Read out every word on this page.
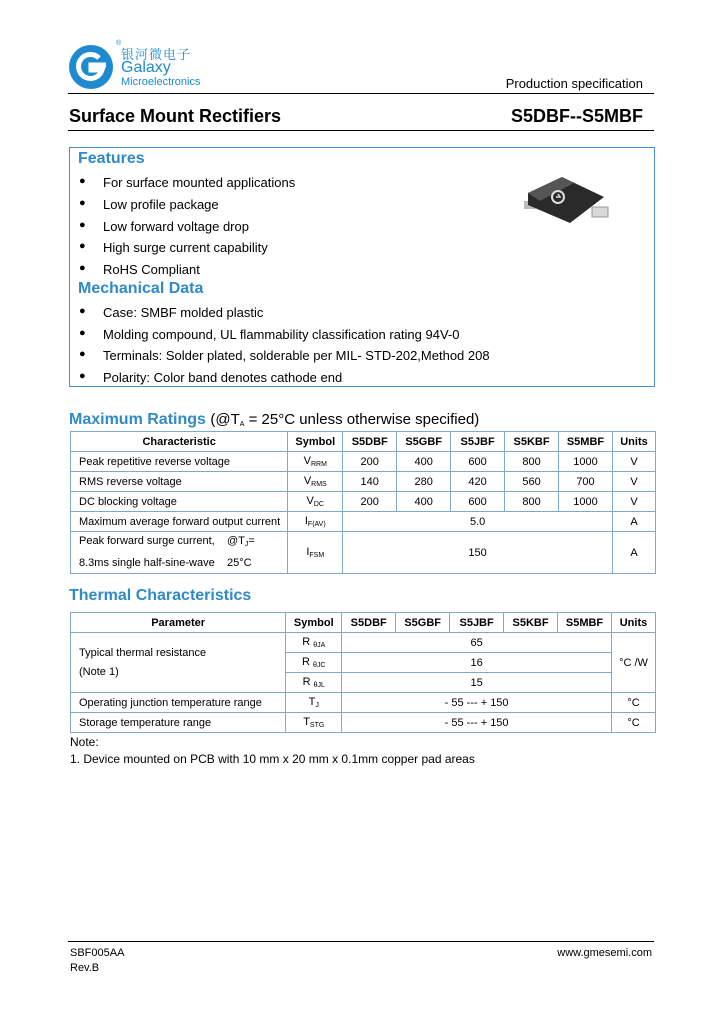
®
银河微电子
Galaxy
Microelectronics	Production specification
Surface Mount Rectifiers	S5DBF--S5MBF
Features
For surface mounted applications
Low profile package
Low forward voltage drop
High surge current capability
RoHS Compliant
Mechanical Data
Case: SMBF molded plastic
Molding compound, UL flammability classification rating 94V-0
Terminals: Solder plated, solderable per MIL- STD-202,Method 208
Polarity: Color band denotes cathode end
Maximum Ratings ($@T_A = 25^\circ C$ unless otherwise specified)
Characteristic	Symbol	S5DBF	S5GBF	S5JBF	S5KBF	S5MBF	Units
Peak repetitive reverse voltage	$V_{RRM}$	200	400	600	800	1000	V
RMS reverse voltage	$V_{RMS}$	140	280	420	560	700	V
DC blocking voltage	$V_{DC}$	200	400	600	800	1000	V
Maximum average forward output current	$I_{F(AV)}$	5.0					A

Peak forward surge current, $@T_J=$
8.3ms single half-sine-wave 25°C	$I_{FSM}$	150					A
Thermal Characteristics
Parameter	Symbol	S5DBF	S5GBF	S5JBF	S5KBF	S5MBF	Units

Typical thermal resistance
(Note 1)	R $_{\theta JA}$	65					°C /W
	R $_{\theta JC}$	16					
	R $_{\theta JL}$	15					
Operating junction temperature range	$T_J$	- 55 --- + 150					°C
Storage temperature range	$T_{STG}$	- 55 --- + 150					°C
Note:
1. Device mounted on PCB with 10 mm x 20 mm x 0.1mm copper pad areas
SBF005AA
Rev.B
www.gmesemi.com
